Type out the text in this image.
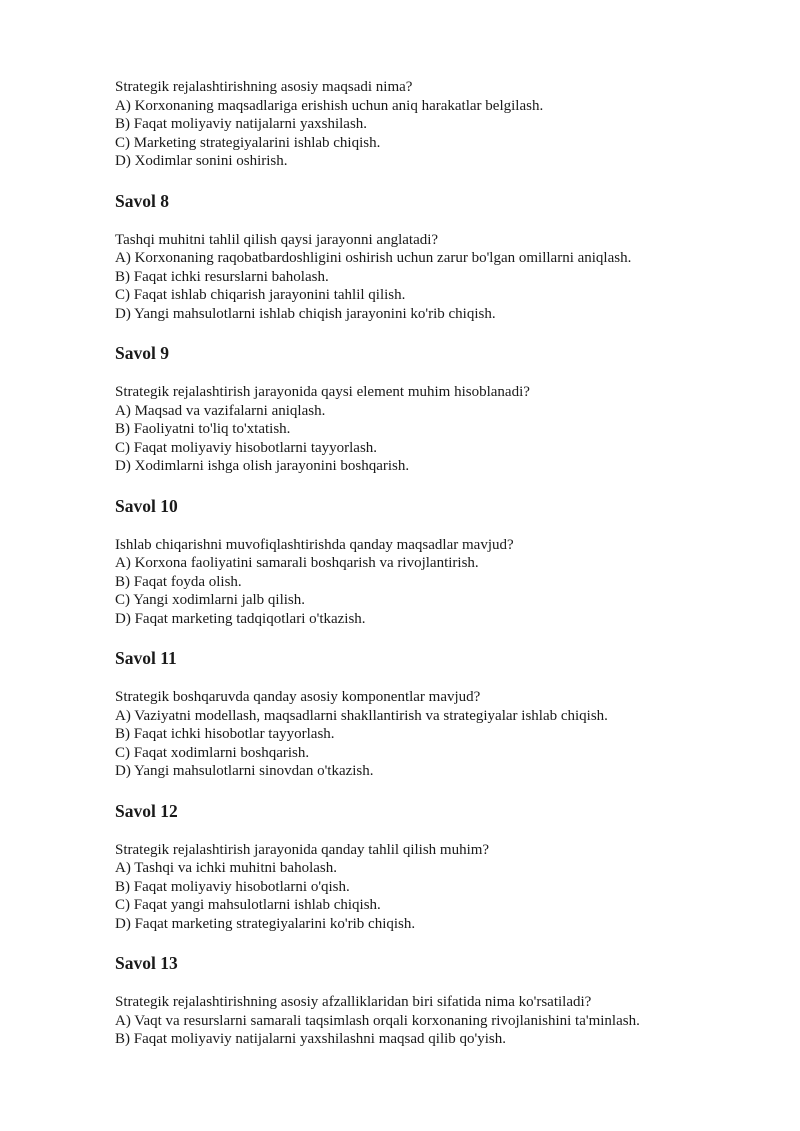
Strategik rejalashtirishning asosiy maqsadi nima?

A) Korxonaning maqsadlariga erishish uchun aniq harakatlar belgilash.

B) Faqat moliyaviy natijalarni yaxshilash.

C) Marketing strategiyalarini ishlab chiqish.

D) Xodimlar sonini oshirish.

Savol 8

Tashqi muhitni tahlil qilish qaysi jarayonni anglatadi?

A) Korxonaning raqobatbardoshligini oshirish uchun zarur bo'lgan omillarni aniqlash.

B) Faqat ichki resurslarni baholash.

C) Faqat ishlab chiqarish jarayonini tahlil qilish.

D) Yangi mahsulotlarni ishlab chiqish jarayonini ko'rib chiqish.

Savol 9

Strategik rejalashtirish jarayonida qaysi element muhim hisoblanadi?

A) Maqsad va vazifalarni aniqlash.

B) Faoliyatni to'liq to'xtatish.

C) Faqat moliyaviy hisobotlarni tayyorlash.

D) Xodimlarni ishga olish jarayonini boshqarish.

Savol 10

Ishlab chiqarishni muvofiqlashtirishda qanday maqsadlar mavjud?

A) Korxona faoliyatini samarali boshqarish va rivojlantirish.

B) Faqat foyda olish.

C) Yangi xodimlarni jalb qilish.

D) Faqat marketing tadqiqotlari o'tkazish.

Savol 11

Strategik boshqaruvda qanday asosiy komponentlar mavjud?

A) Vaziyatni modellash, maqsadlarni shakllantirish va strategiyalar ishlab chiqish.

B) Faqat ichki hisobotlar tayyorlash.

C) Faqat xodimlarni boshqarish.

D) Yangi mahsulotlarni sinovdan o'tkazish.

Savol 12

Strategik rejalashtirish jarayonida qanday tahlil qilish muhim?

A) Tashqi va ichki muhitni baholash.

B) Faqat moliyaviy hisobotlarni o'qish.

C) Faqat yangi mahsulotlarni ishlab chiqish.

D) Faqat marketing strategiyalarini ko'rib chiqish.

Savol 13

Strategik rejalashtirishning asosiy afzalliklaridan biri sifatida nima ko'rsatiladi?

A) Vaqt va resurslarni samarali taqsimlash orqali korxonaning rivojlanishini ta'minlash.

B) Faqat moliyaviy natijalarni yaxshilashni maqsad qilib qo'yish.
